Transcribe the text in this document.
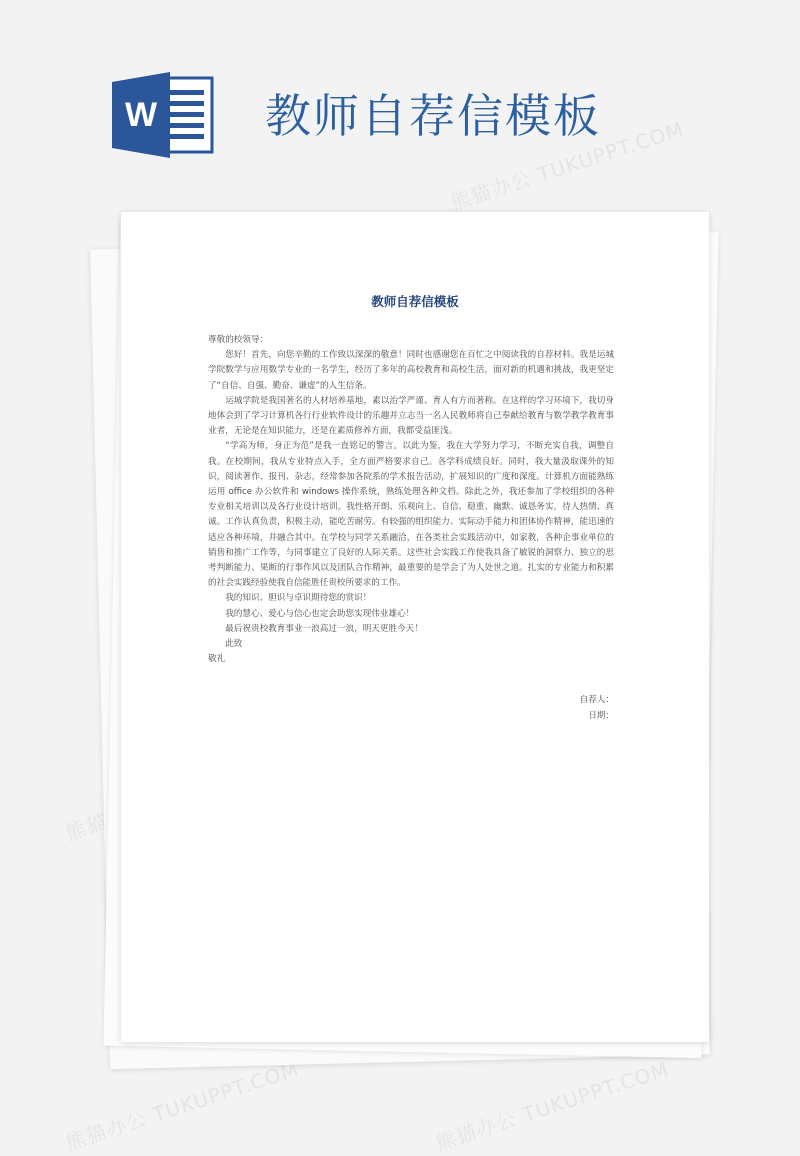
W 教师自荐信模板
熊猫办公 TUKUPPT.COM
熊猫办公 TUKUPPT.COM	熊猫办公 TUKUPPT.COM
教师自荐信模板

尊敬的校领导：

您好！首先，向您辛勤的工作致以深深的敬意！同时也感谢您在百忙之中阅读我的自荐材料。我是运城学院数学与应用数学专业的一名学生，经历了多年的高校教育和高校生活，面对新的机遇和挑战，我更坚定了“自信、自强、勤奋、谦虚”的人生信条。

运城学院是我国著名的人材培养基地，素以治学严谨、育人有方而著称。在这样的学习环境下，我切身地体会到了学习计算机各行行业软件设计的乐趣并立志当一名人民教师将自己奉献给教育与数学教学教育事业者，无论是在知识能力，还是在素质修养方面，我都受益匪浅。

“学高为师，身正为范”是我一直铭记的警言。以此为鉴，我在大学努力学习，不断充实自我，调整自我。在校期间，我从专业特点入手，全方面严格要求自己。各学科成绩良好。同时，我大量汲取课外的知识，阅读著作、报刊、杂志，经常参加各院系的学术报告活动，扩展知识的广度和深度。计算机方面能熟练运用 office 办公软件和 windows 操作系统，熟练处理各种文档。除此之外，我还参加了学校组织的各种专业相关培训以及各行业设计培训。我性格开朗、乐观向上、自信、稳重、幽默、诚恳务实，待人热情、真诚。工作认真负责，积极主动，能吃苦耐劳。有较强的组织能力、实际动手能力和团体协作精神，能迅速的适应各种环境，并融合其中。在学校与同学关系融洽，在各类社会实践活动中，如家教，各种企事业单位的销售和推广工作等，与同事建立了良好的人际关系。这些社会实践工作使我具备了敏锐的洞察力、独立的思考判断能力、果断的行事作风以及团队合作精神，最重要的是学会了为人处世之道。扎实的专业能力和积累的社会实践经验使我自信能胜任贵校所要求的工作。

我的知识、胆识与卓识期待您的赏识！

我的慧心、爱心与信心也定会助您实现伟业雄心！

最后祝贵校教育事业一浪高过一浪，明天更胜今天！

此致

敬礼

自荐人：
日期：
